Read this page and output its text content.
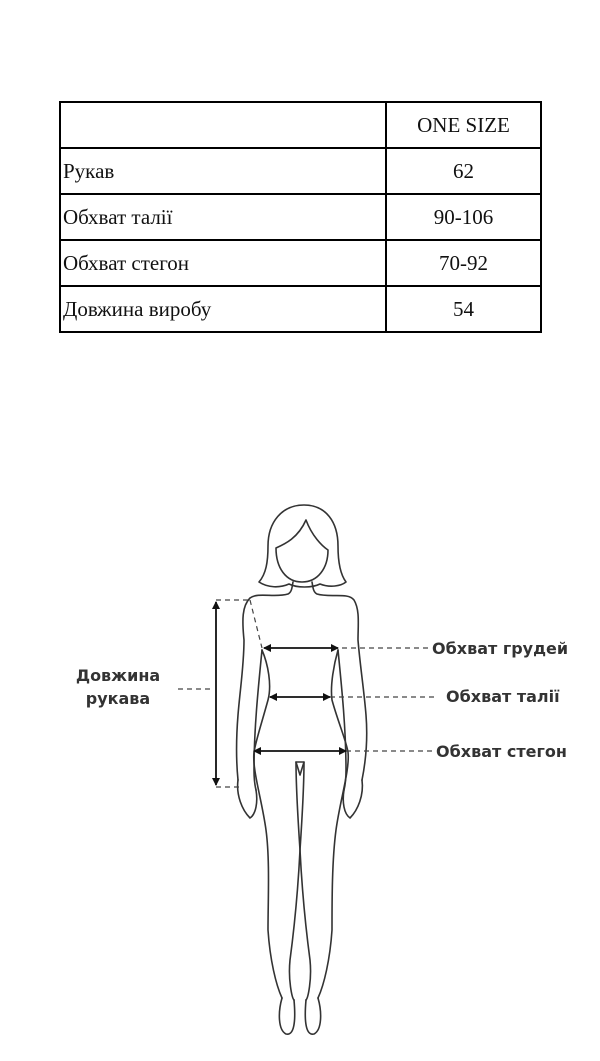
	ONE SIZE
Рукав	62
Обхват талії	90-106
Обхват стегон	70-92
Довжина виробу	54
Довжина
рукава
Обхват грудей
Обхват талії
Обхват стегон
